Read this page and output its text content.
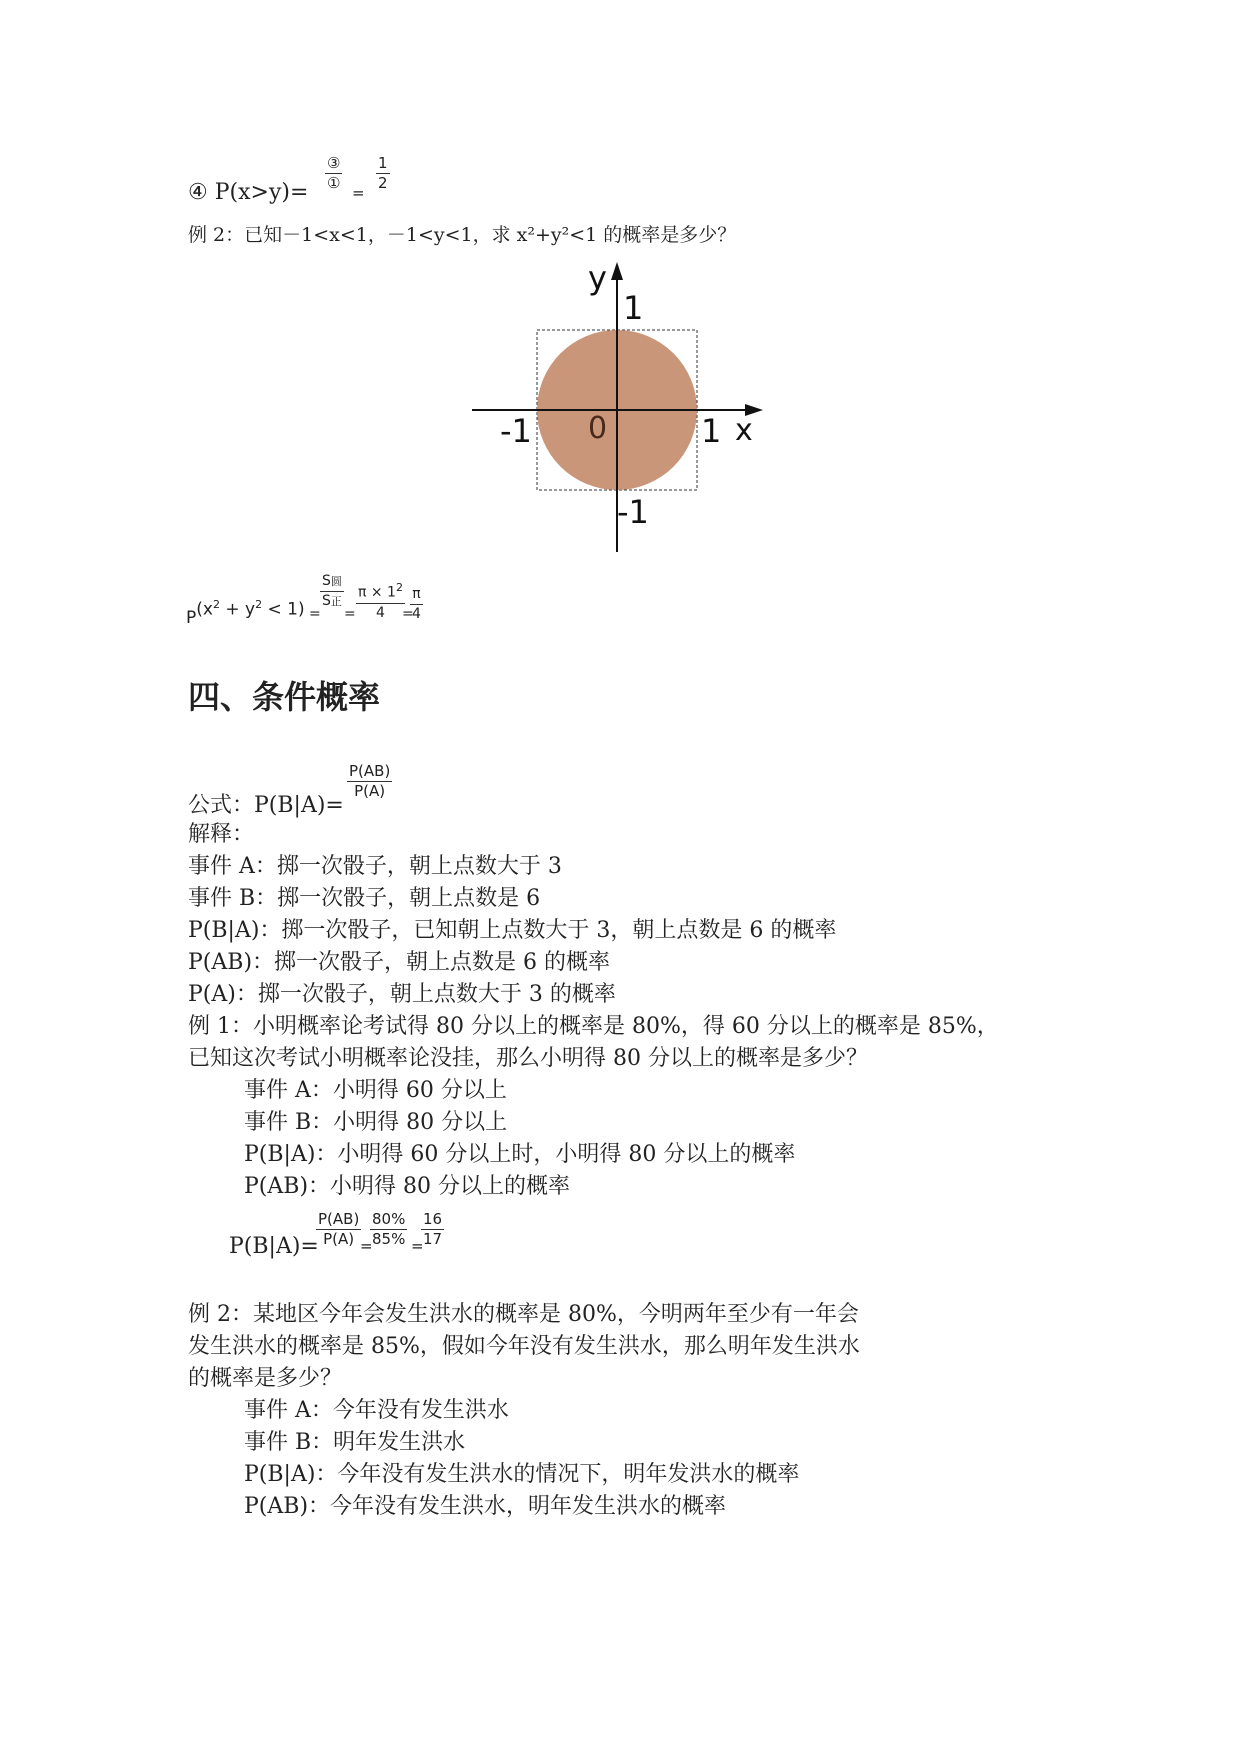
④ P(x>y)=
③
①
= $\frac{1}{2}$
例 2：已知－1<x<1，－1<y<1，求 x²+y²<1 的概率是多少？
y
1
-1 0	1 x
-1
$P(x^2 + y^2 < 1)$ =
S圆
S正
= $\frac{\pi \times 1^2}{4}$
=
$\frac{\pi}{4}$
四、条件概率
公式：P(B|A)=
$\frac{P(AB)}{P(A)}$
解释：
事件 A：掷一次骰子，朝上点数大于 3
事件 B：掷一次骰子，朝上点数是 6
P(B|A)：掷一次骰子，已知朝上点数大于 3，朝上点数是 6 的概率
P(AB)：掷一次骰子，朝上点数是 6 的概率
P(A)：掷一次骰子，朝上点数大于 3 的概率
例 1：小明概率论考试得 80 分以上的概率是 80%，得 60 分以上的概率是 85%，
已知这次考试小明概率论没挂，那么小明得 80 分以上的概率是多少？
事件 A：小明得 60 分以上
事件 B：小明得 80 分以上
P(B|A)：小明得 60 分以上时，小明得 80 分以上的概率
P(AB)：小明得 80 分以上的概率
P(B|A)=
$\frac{P(AB)}{P(A)}$
=
$\frac{80\%}{85\%}$ =
$\frac{16}{17}$
例 2：某地区今年会发生洪水的概率是 80%，今明两年至少有一年会
发生洪水的概率是 85%，假如今年没有发生洪水，那么明年发生洪水
的概率是多少？
事件 A：今年没有发生洪水
事件 B：明年发生洪水
P(B|A)：今年没有发生洪水的情况下，明年发洪水的概率
P(AB)：今年没有发生洪水，明年发生洪水的概率
